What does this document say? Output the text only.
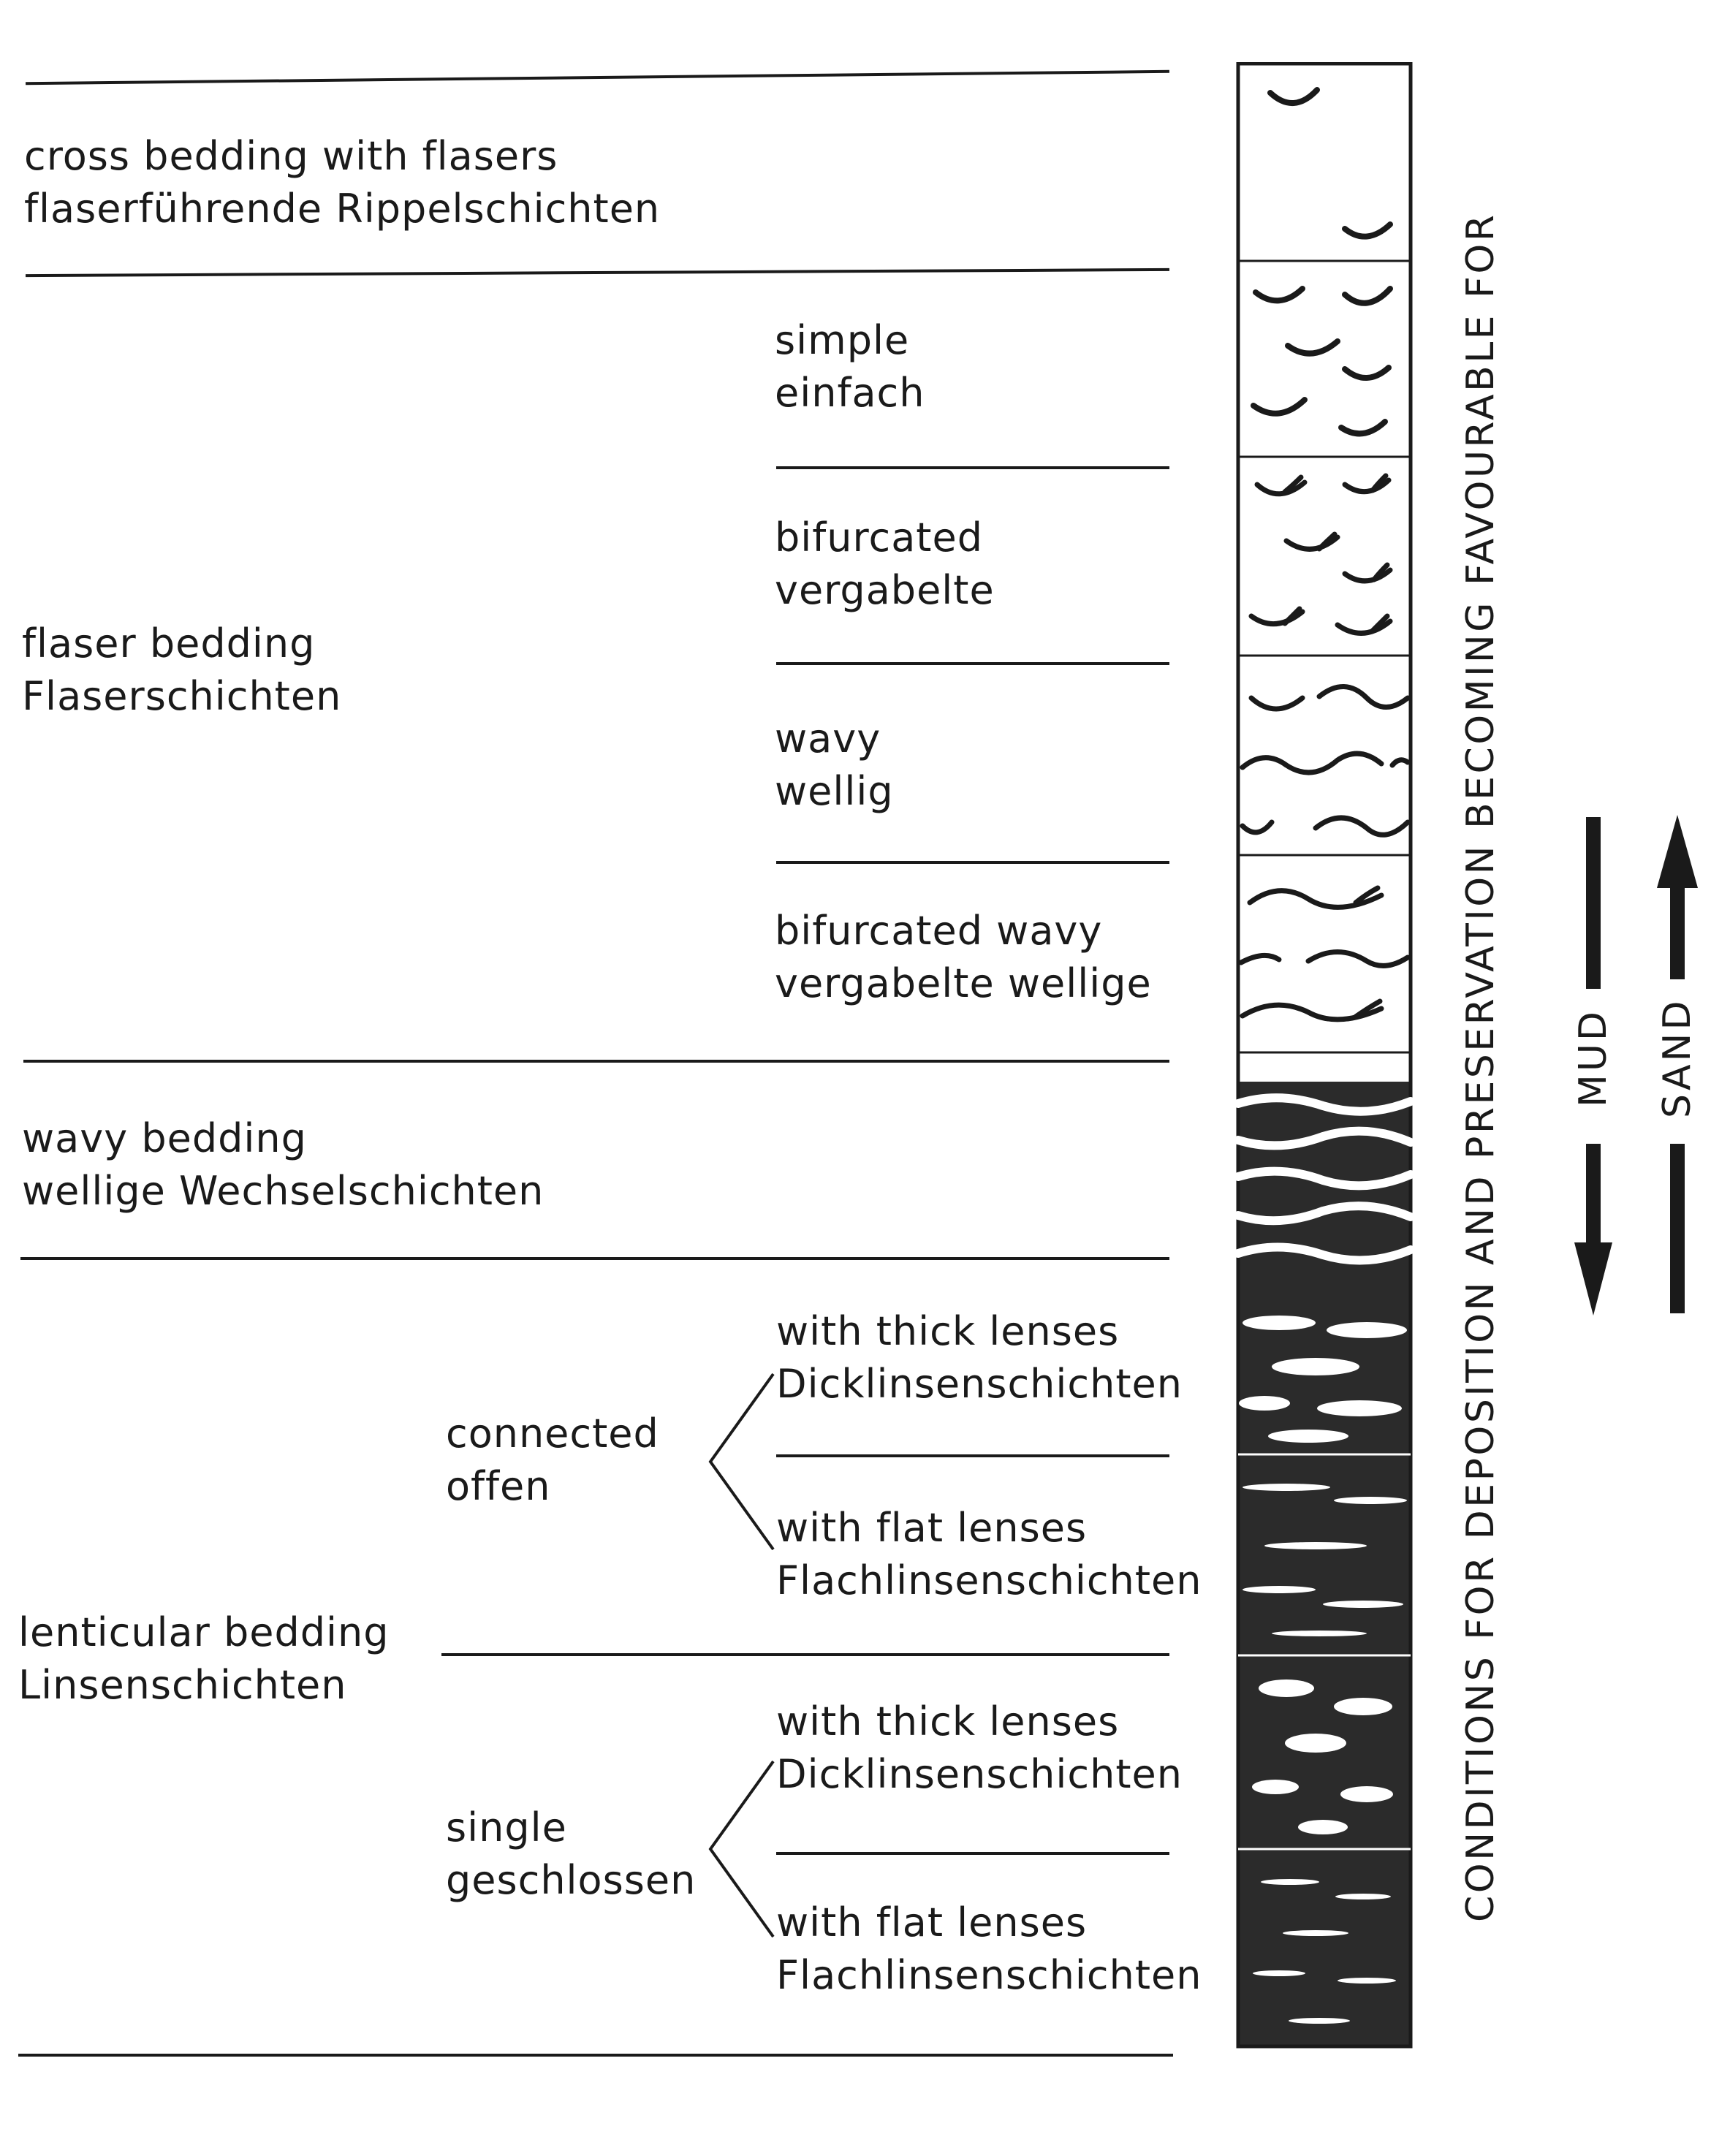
cross bedding with flasers
flaserführende Rippelschichten
flaser bedding
Flaserschichten
wavy bedding
wellige Wechselschichten
lenticular bedding
Linsenschichten
simple
einfach
bifurcated
vergabelte
wavy
wellig
bifurcated wavy
vergabelte wellige
connected
offen
single
geschlossen
with thick lenses
Dicklinsenschichten
with flat lenses
Flachlinsenschichten
with thick lenses
Dicklinsenschichten
with flat lenses
Flachlinsenschichten
CONDITIONS FOR DEPOSITION AND PRESERVATION BECOMING FAVOURABLE FOR
MUD SAND
